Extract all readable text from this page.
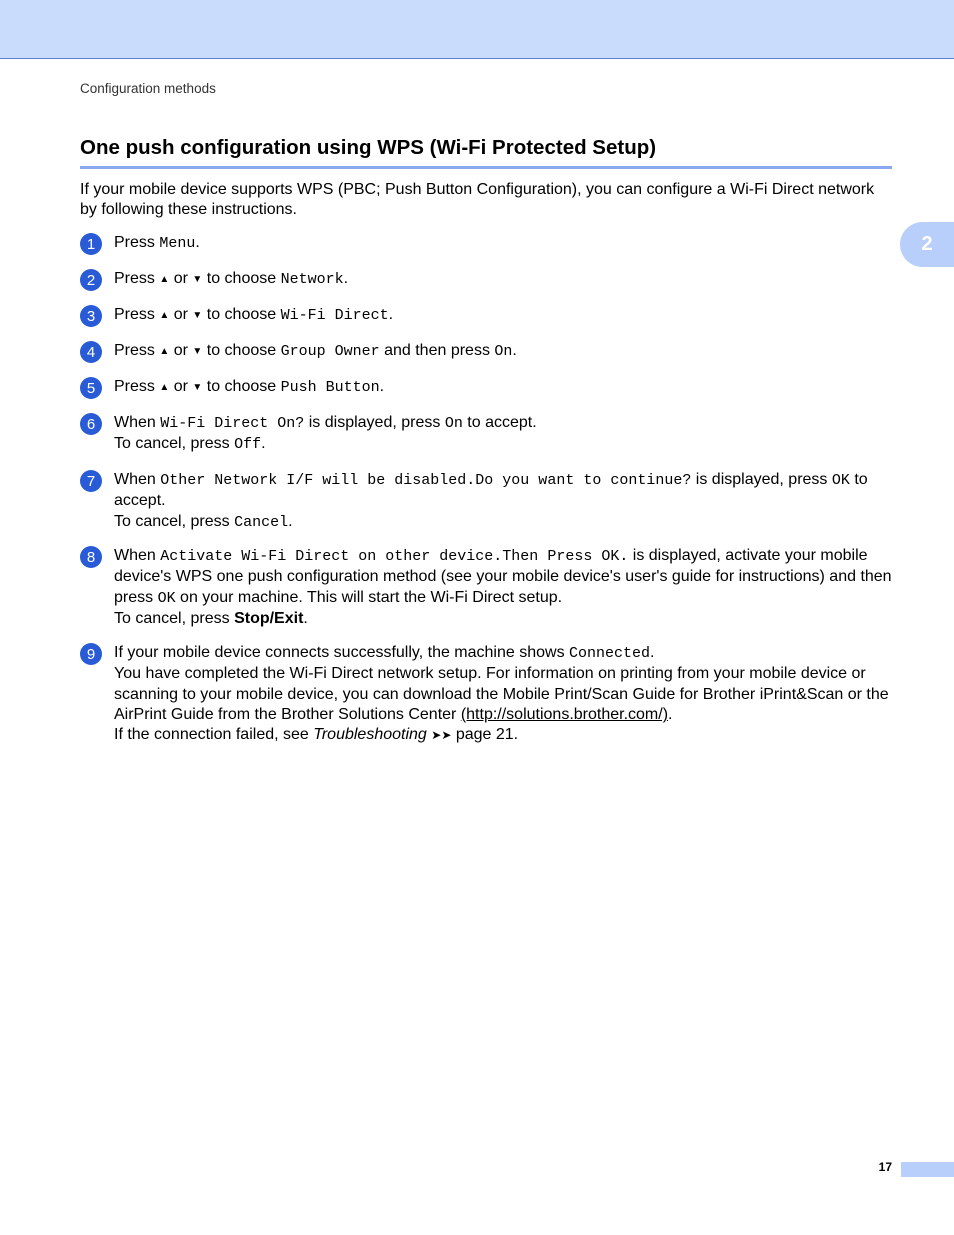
Configuration methods
One push configuration using WPS (Wi-Fi Protected Setup)
2

If your mobile device supports WPS (PBC; Push Button Configuration), you can configure a Wi-Fi Direct network by following these instructions.

1	Press Menu.
2	Press ▲ or ▼ to choose Network.
3	Press ▲ or ▼ to choose Wi-Fi Direct.
4	Press ▲ or ▼ to choose Group Owner and then press On.
5	Press ▲ or ▼ to choose Push Button.
6	When Wi-Fi Direct On? is displayed, press On to accept.
To cancel, press Off.
7	When Other Network I/F will be disabled.Do you want to continue? is displayed, press OK to accept.
To cancel, press Cancel.
8	When Activate Wi-Fi Direct on other device.Then Press OK. is displayed, activate your mobile device's WPS one push configuration method (see your mobile device's user's guide for instructions) and then press OK on your machine. This will start the Wi-Fi Direct setup.
To cancel, press Stop/Exit.
9	If your mobile device connects successfully, the machine shows Connected.
You have completed the Wi-Fi Direct network setup. For information on printing from your mobile device or scanning to your mobile device, you can download the Mobile Print/Scan Guide for Brother iPrint&Scan or the AirPrint Guide from the Brother Solutions Center (http://solutions.brother.com/).
If the connection failed, see Troubleshooting ➤➤ page 21.
17
